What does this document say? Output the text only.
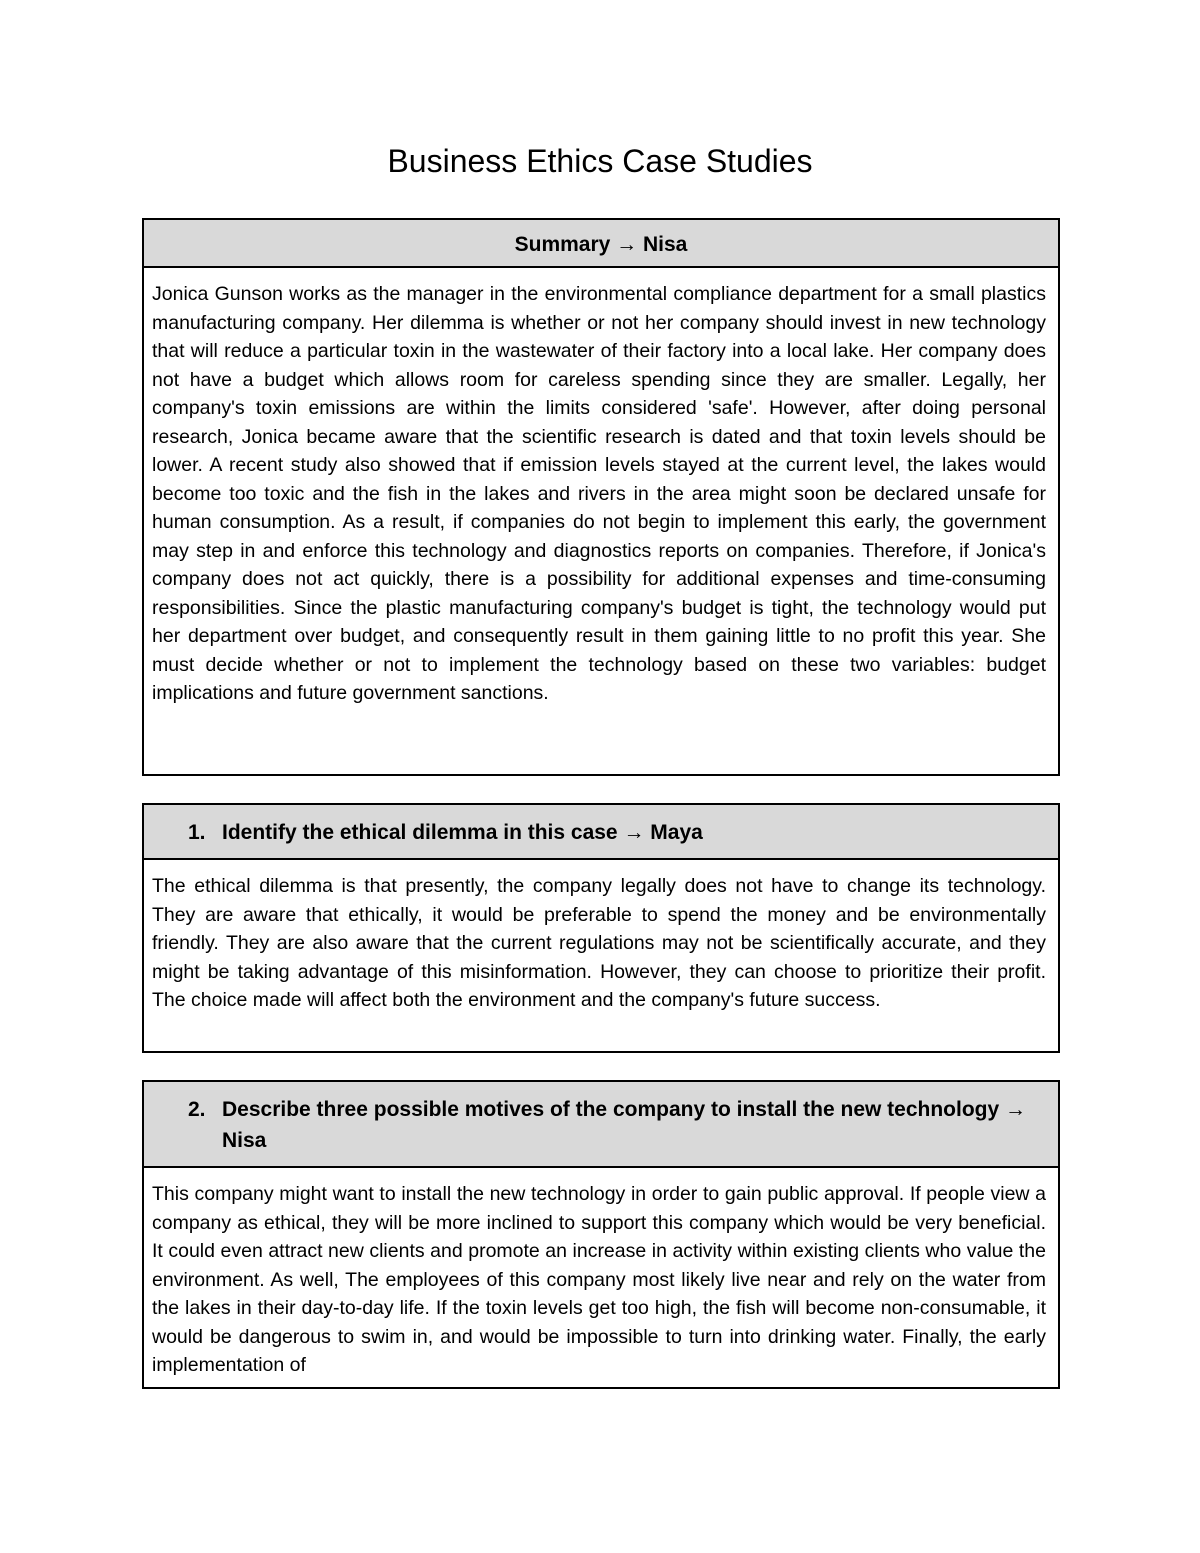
Business Ethics Case Studies
Summary → Nisa
Jonica Gunson works as the manager in the environmental compliance department for a small plastics manufacturing company. Her dilemma is whether or not her company should invest in new technology that will reduce a particular toxin in the wastewater of their factory into a local lake. Her company does not have a budget which allows room for careless spending since they are smaller. Legally, her company's toxin emissions are within the limits considered 'safe'. However, after doing personal research, Jonica became aware that the scientific research is dated and that toxin levels should be lower. A recent study also showed that if emission levels stayed at the current level, the lakes would become too toxic and the fish in the lakes and rivers in the area might soon be declared unsafe for human consumption. As a result, if companies do not begin to implement this early, the government may step in and enforce this technology and diagnostics reports on companies. Therefore, if Jonica's company does not act quickly, there is a possibility for additional expenses and time-consuming responsibilities. Since the plastic manufacturing company's budget is tight, the technology would put her department over budget, and consequently result in them gaining little to no profit this year. She must decide whether or not to implement the technology based on these two variables: budget implications and future government sanctions.
1. Identify the ethical dilemma in this case → Maya
The ethical dilemma is that presently, the company legally does not have to change its technology. They are aware that ethically, it would be preferable to spend the money and be environmentally friendly. They are also aware that the current regulations may not be scientifically accurate, and they might be taking advantage of this misinformation. However, they can choose to prioritize their profit. The choice made will affect both the environment and the company's future success.
2. Describe three possible motives of the company to install the new technology → Nisa
This company might want to install the new technology in order to gain public approval. If people view a company as ethical, they will be more inclined to support this company which would be very beneficial. It could even attract new clients and promote an increase in activity within existing clients who value the environment. As well, The employees of this company most likely live near and rely on the water from the lakes in their day-to-day life. If the toxin levels get too high, the fish will become non-consumable, it would be dangerous to swim in, and would be impossible to turn into drinking water. Finally, the early implementation of
